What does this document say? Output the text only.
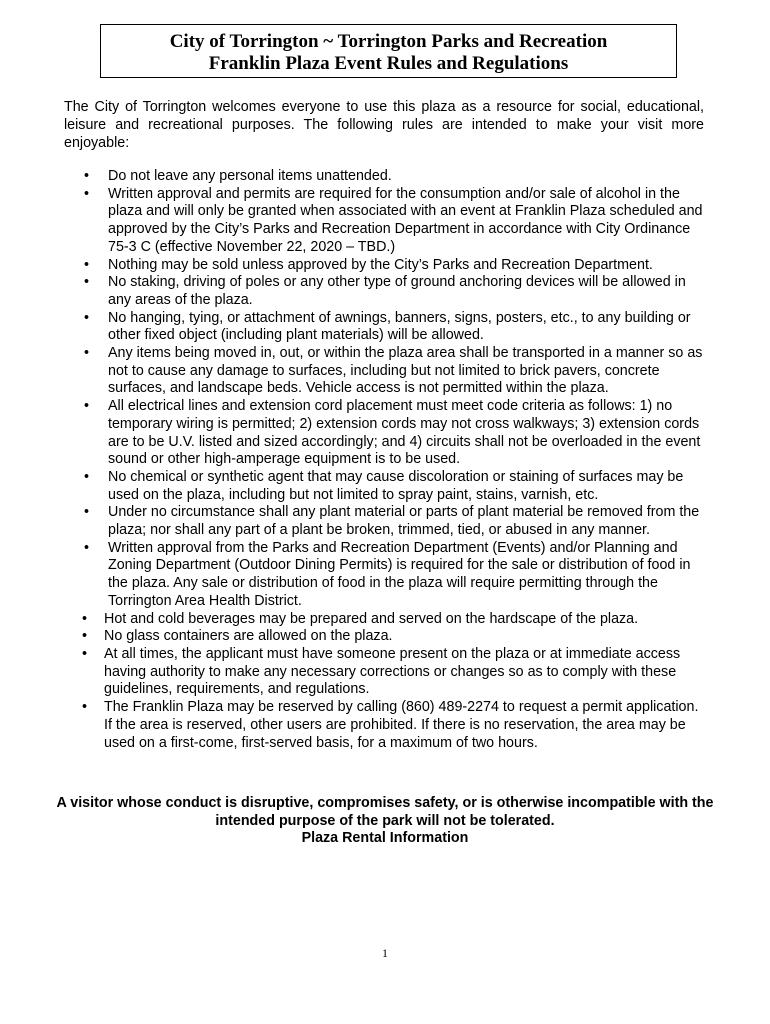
City of Torrington ~ Torrington Parks and Recreation
Franklin Plaza Event Rules and Regulations
The City of Torrington welcomes everyone to use this plaza as a resource for social, educational, leisure and recreational purposes. The following rules are intended to make your visit more enjoyable:
• Do not leave any personal items unattended.
• Written approval and permits are required for the consumption and/or sale of alcohol in the plaza and will only be granted when associated with an event at Franklin Plaza scheduled and approved by the City’s Parks and Recreation Department in accordance with City Ordinance 75-3 C (effective November 22, 2020 – TBD.)
• Nothing may be sold unless approved by the City’s Parks and Recreation Department.
• No staking, driving of poles or any other type of ground anchoring devices will be allowed in any areas of the plaza.
• No hanging, tying, or attachment of awnings, banners, signs, posters, etc., to any building or other fixed object (including plant materials) will be allowed.
• Any items being moved in, out, or within the plaza area shall be transported in a manner so as not to cause any damage to surfaces, including but not limited to brick pavers, concrete surfaces, and landscape beds. Vehicle access is not permitted within the plaza.
• All electrical lines and extension cord placement must meet code criteria as follows: 1) no temporary wiring is permitted; 2) extension cords may not cross walkways; 3) extension cords are to be U.V. listed and sized accordingly; and 4) circuits shall not be overloaded in the event sound or other high-amperage equipment is to be used.
• No chemical or synthetic agent that may cause discoloration or staining of surfaces may be used on the plaza, including but not limited to spray paint, stains, varnish, etc.
• Under no circumstance shall any plant material or parts of plant material be removed from the plaza; nor shall any part of a plant be broken, trimmed, tied, or abused in any manner.
• Written approval from the Parks and Recreation Department (Events) and/or Planning and Zoning Department (Outdoor Dining Permits) is required for the sale or distribution of food in the plaza. Any sale or distribution of food in the plaza will require permitting through the Torrington Area Health District.
• Hot and cold beverages may be prepared and served on the hardscape of the plaza.
• No glass containers are allowed on the plaza.
• At all times, the applicant must have someone present on the plaza or at immediate access having authority to make any necessary corrections or changes so as to comply with these guidelines, requirements, and regulations.
• The Franklin Plaza may be reserved by calling (860) 489-2274 to request a permit application. If the area is reserved, other users are prohibited. If there is no reservation, the area may be used on a first-come, first-served basis, for a maximum of two hours.
A visitor whose conduct is disruptive, compromises safety, or is otherwise incompatible with the intended purpose of the park will not be tolerated.
Plaza Rental Information
1
